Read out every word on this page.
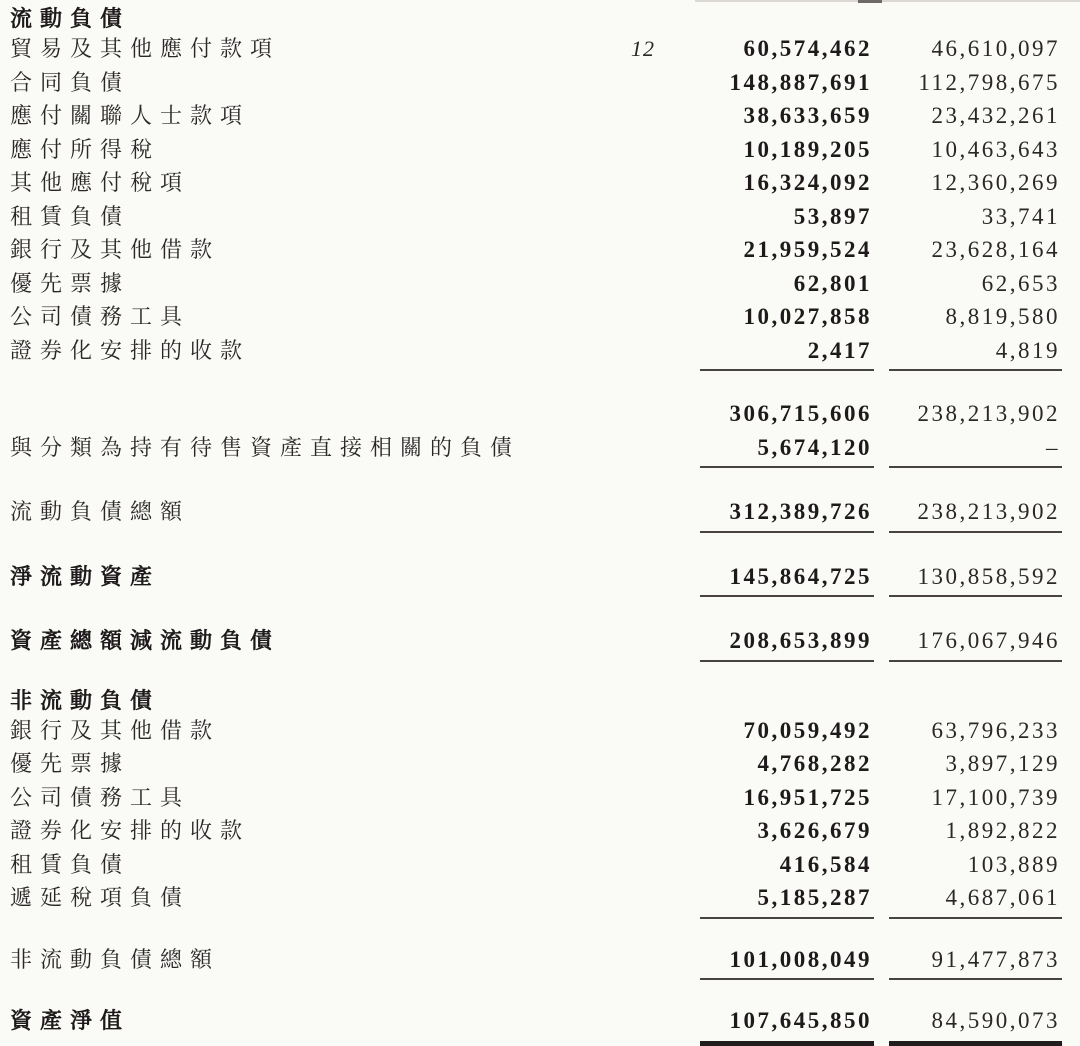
流動負債
貿易及其他應付款項	12	60,574,462	46,610,097
合同負債	148,887,691	112,798,675
應付關聯人士款項	38,633,659	23,432,261
應付所得稅	10,189,205	10,463,643
其他應付稅項	16,324,092	12,360,269
租賃負債	53,897	33,741
銀行及其他借款	21,959,524	23,628,164
優先票據	62,801	62,653
公司債務工具	10,027,858	8,819,580
證券化安排的收款	2,417	4,819
306,715,606	238,213,902
與分類為持有待售資產直接相關的負債	5,674,120	–
流動負債總額	312,389,726	238,213,902
淨流動資產	145,864,725	130,858,592
資產總額減流動負債	208,653,899	176,067,946
非流動負債
銀行及其他借款	70,059,492	63,796,233
優先票據	4,768,282	3,897,129
公司債務工具	16,951,725	17,100,739
證券化安排的收款	3,626,679	1,892,822
租賃負債	416,584	103,889
遞延稅項負債	5,185,287	4,687,061
非流動負債總額	101,008,049	91,477,873
資產淨值	107,645,850	84,590,073
